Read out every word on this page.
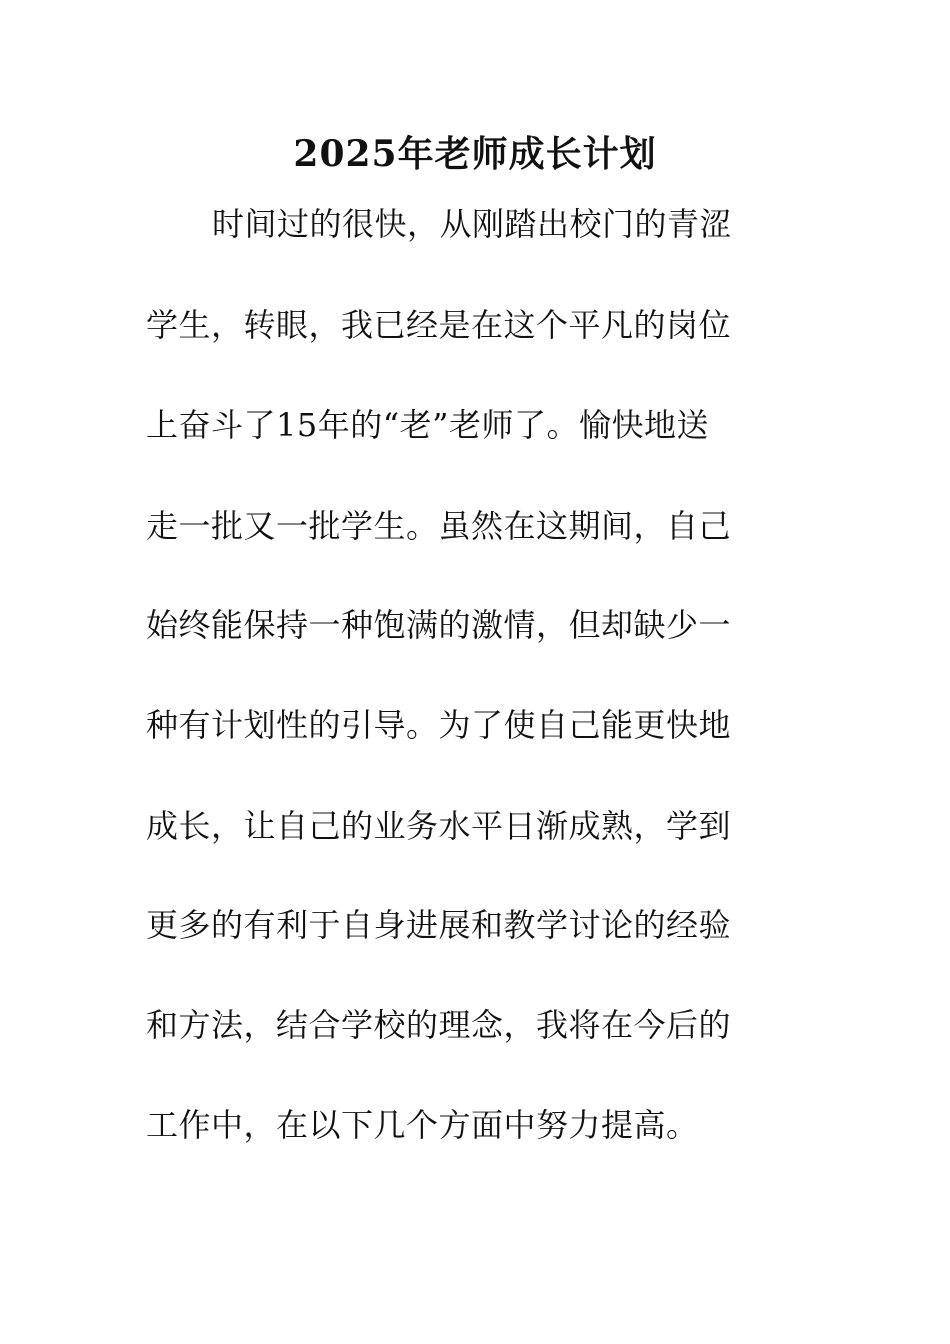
2025年老师成长计划
时间过的很快，从刚踏出校门的青涩
学生，转眼，我已经是在这个平凡的岗位
上奋斗了15年的“老”老师了。愉快地送
走一批又一批学生。虽然在这期间，自己
始终能保持一种饱满的激情，但却缺少一
种有计划性的引导。为了使自己能更快地
成长，让自己的业务水平日渐成熟，学到
更多的有利于自身进展和教学讨论的经验
和方法，结合学校的理念，我将在今后的
工作中，在以下几个方面中努力提高。
